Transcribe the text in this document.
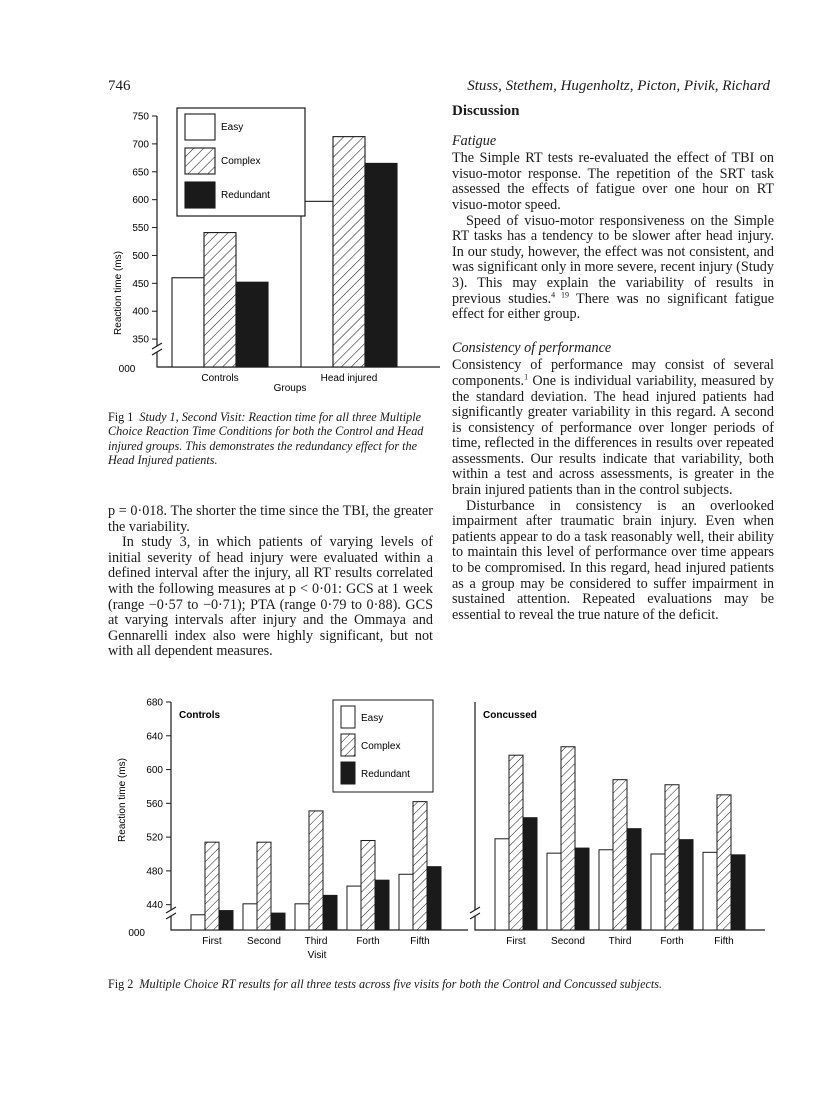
746	Stuss, Stethem, Hugenholtz, Picton, Pivik, Richard
750
700
650
600
550
500
450
400
350
000
Controls	Head injured
Reaction time (ms)
Groups
Easy
Complex
Redundant
Fig 1 Study 1, Second Visit: Reaction time for all three Multiple Choice Reaction Time Conditions for both the Control and Head injured groups. This demonstrates the redundancy effect for the Head Injured patients.

p = 0·018. The shorter the time since the TBI, the greater the variability.

In study 3, in which patients of varying levels of initial severity of head injury were evaluated within a defined interval after the injury, all RT results correlated with the following measures at p < 0·01: GCS at 1 week (range −0·57 to −0·71); PTA (range 0·79 to 0·88). GCS at varying intervals after injury and the Ommaya and Gennarelli index also were highly significant, but not with all dependent measures.

Discussion
Fatigue

The Simple RT tests re-evaluated the effect of TBI on visuo-motor response. The repetition of the SRT task assessed the effects of fatigue over one hour on RT visuo-motor speed.

Speed of visuo-motor responsiveness on the Simple RT tasks has a tendency to be slower after head injury. In our study, however, the effect was not consistent, and was significant only in more severe, recent injury (Study 3). This may explain the variability of results in previous studies.$^{4 19}$ There was no significant fatigue effect for either group.

Consistency of performance

Consistency of performance may consist of several components.$^1$ One is individual variability, measured by the standard deviation. The head injured patients had significantly greater variability in this regard. A second is consistency of performance over longer periods of time, reflected in the differences in results over repeated assessments. Our results indicate that variability, both within a test and across assessments, is greater in the brain injured patients than in the control subjects.

Disturbance in consistency is an overlooked impairment after traumatic brain injury. Even when patients appear to do a task reasonably well, their ability to maintain this level of performance over time appears to be compromised. In this regard, head injured patients as a group may be considered to suffer impairment in sustained attention. Repeated evaluations may be essential to reveal the true nature of the deficit.

680
640
600
560
520
480
440
000
First	Second Third	Forth	Fifth	First	Second Third	Forth	Fifth
Controls	Concussed
Reaction time (ms)
Visit
Easy
Complex
Redundant
Fig 2 Multiple Choice RT results for all three tests across five visits for both the Control and Concussed subjects.
